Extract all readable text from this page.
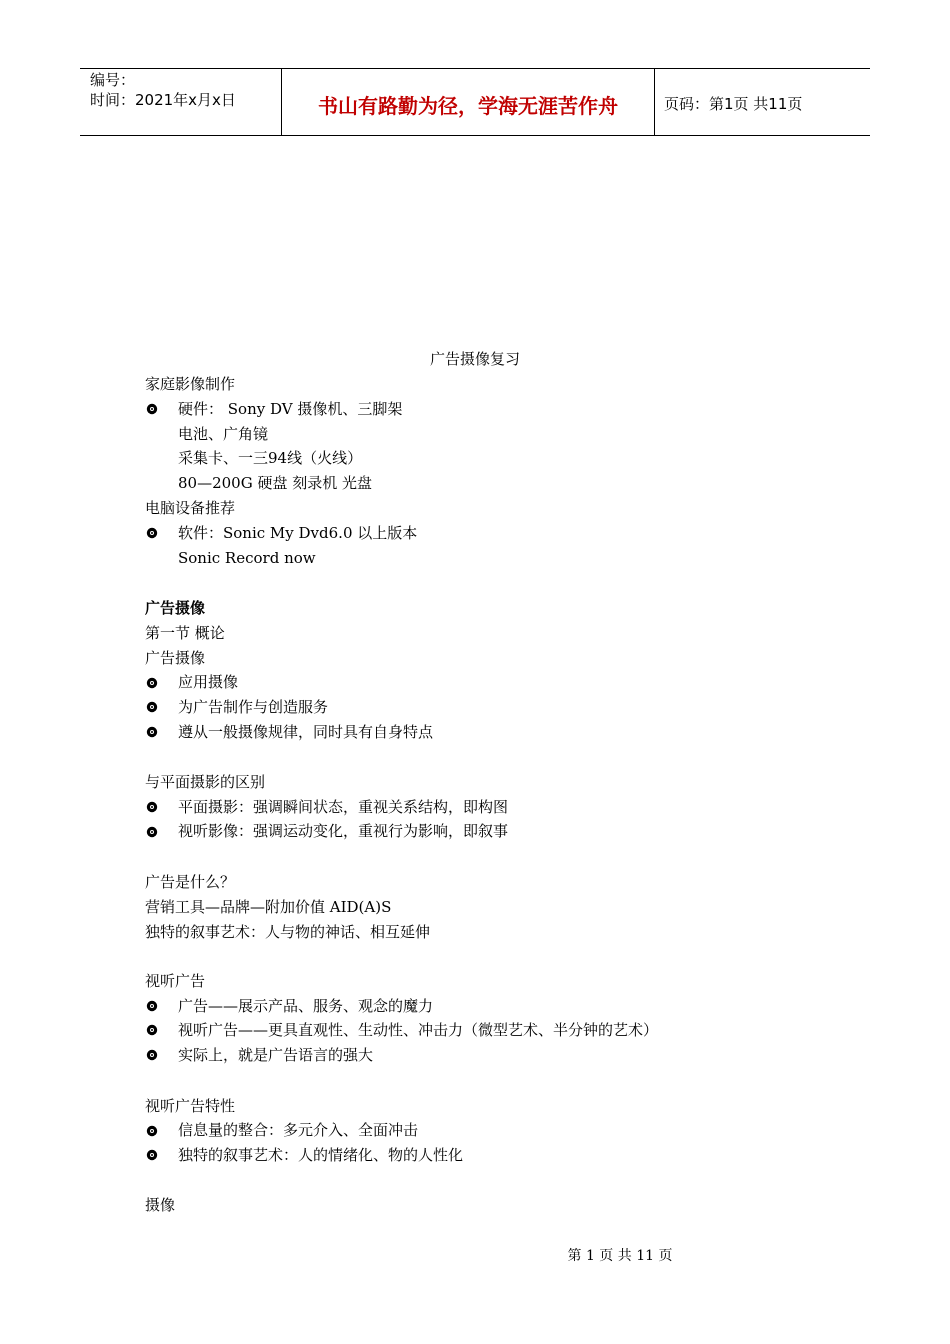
编号：
时间：2021年x月x日	书山有路勤为径，学海无涯苦作舟	页码：第1页 共11页
广告摄像复习
家庭影像制作
硬件： Sony DV 摄像机、三脚架
电池、广角镜
采集卡、一三94线（火线）
80—200G 硬盘 刻录机 光盘
电脑设备推荐
软件：Sonic My Dvd6.0 以上版本
Sonic Record now
广告摄像
第一节 概论
广告摄像
应用摄像
为广告制作与创造服务
遵从一般摄像规律，同时具有自身特点
与平面摄影的区别
平面摄影：强调瞬间状态，重视关系结构，即构图
视听影像：强调运动变化，重视行为影响，即叙事
广告是什么？
营销工具—品牌—附加价值 AID(A)S
独特的叙事艺术：人与物的神话、相互延伸
视听广告
广告——展示产品、服务、观念的魔力
视听广告——更具直观性、生动性、冲击力（微型艺术、半分钟的艺术）
实际上，就是广告语言的强大
视听广告特性
信息量的整合：多元介入、全面冲击
独特的叙事艺术：人的情绪化、物的人性化
摄像
第 1 页 共 11 页
